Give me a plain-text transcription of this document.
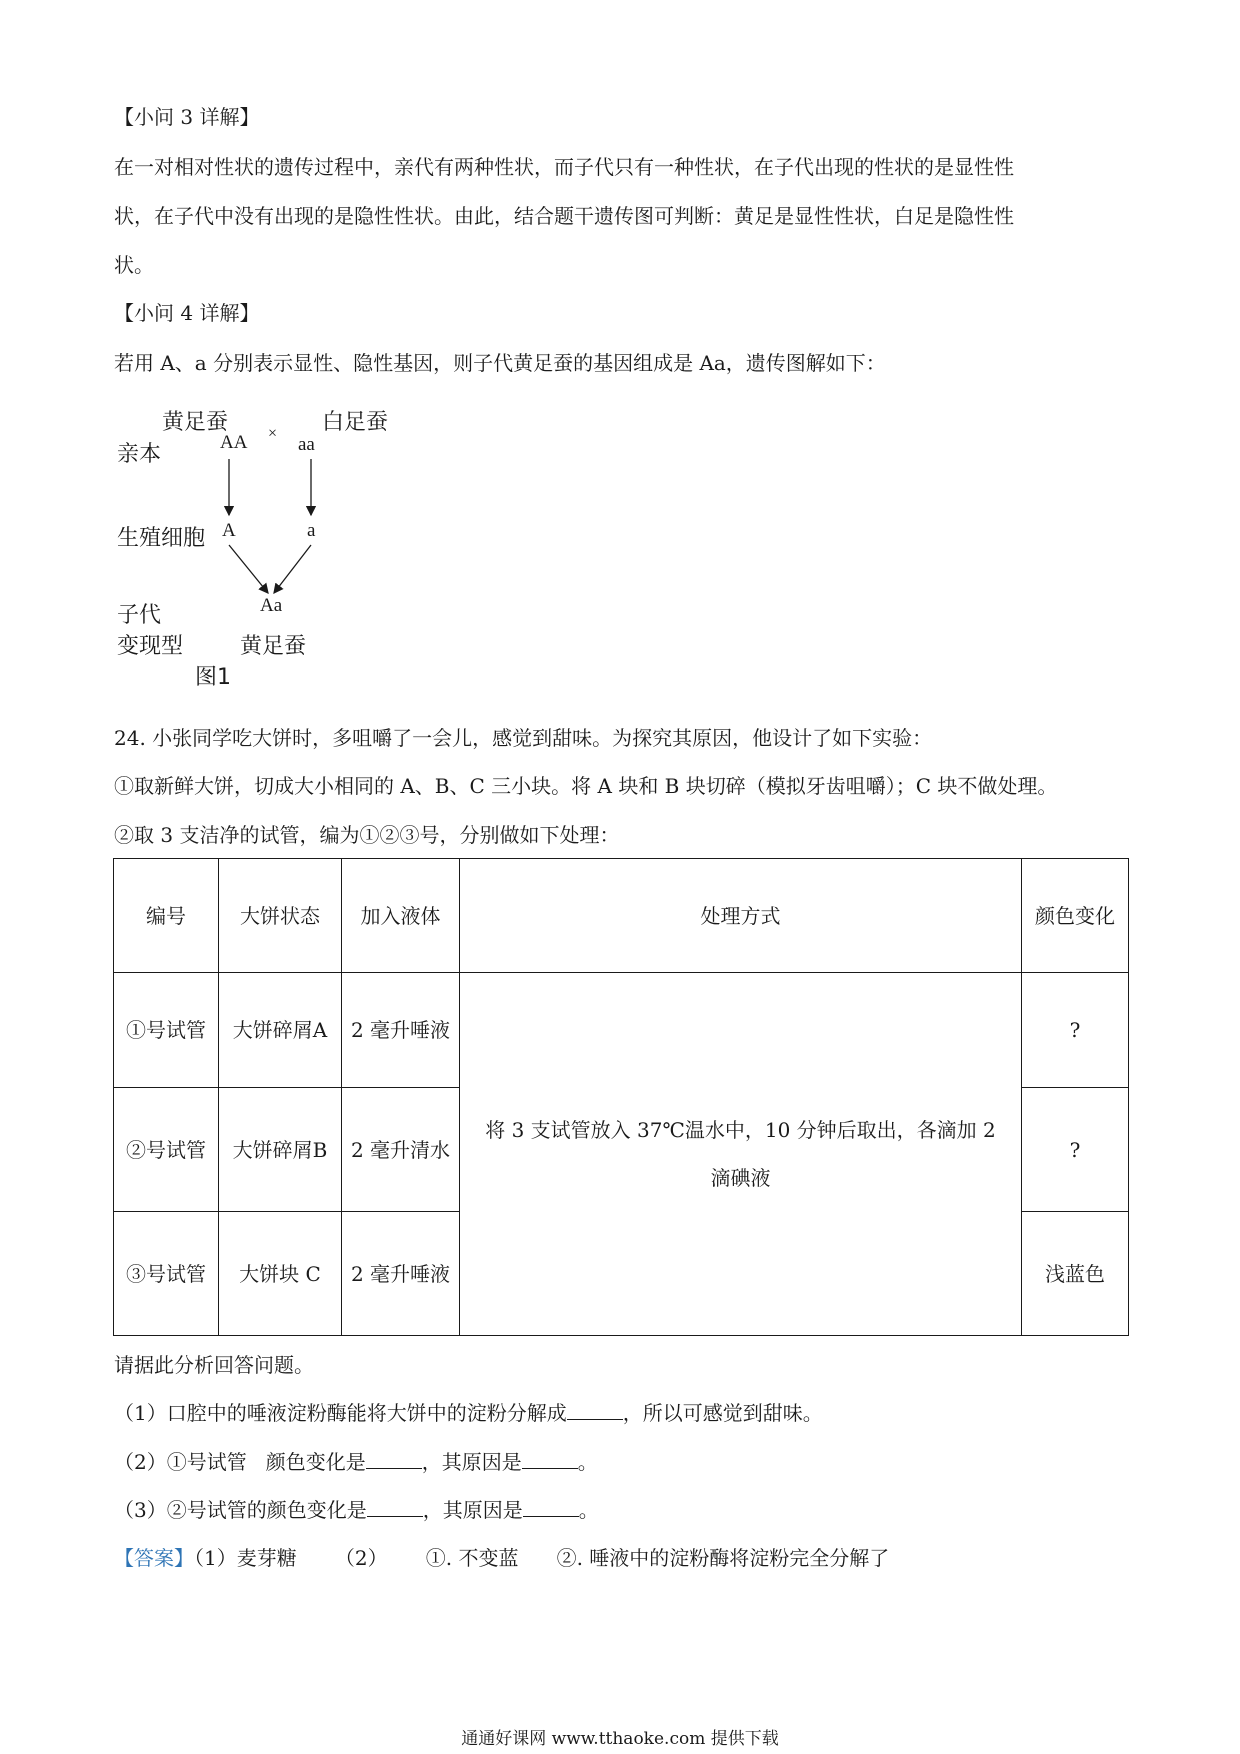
【小问 3 详解】
在一对相对性状的遗传过程中，亲代有两种性状，而子代只有一种性状，在子代出现的性状的是显性性
状，在子代中没有出现的是隐性性状。由此，结合题干遗传图可判断：黄足是显性性状，白足是隐性性
状。
【小问 4 详解】
若用 A、a 分别表示显性、隐性基因，则子代黄足蚕的基因组成是 Aa，遗传图解如下：
黄足蚕	白足蚕
亲本	AA ×
aa
生殖细胞 A	a
子代	Aa
变现型	黄足蚕
图1
24. 小张同学吃大饼时，多咀嚼了一会儿，感觉到甜味。为探究其原因，他设计了如下实验：
①取新鲜大饼，切成大小相同的 A、B、C 三小块。将 A 块和 B 块切碎（模拟牙齿咀嚼）；C 块不做处理。
②取 3 支洁净的试管，编为①②③号，分别做如下处理：
编号	大饼状态	加入液体	处理方式	颜色变化
①号试管	大饼碎屑A	2 毫升唾液	将 3 支试管放入 37℃温水中，10 分钟后取出，各滴加 2 滴碘液	?
②号试管	大饼碎屑B	2 毫升清水		?
③号试管	大饼块 C	2 毫升唾液		浅蓝色
请据此分析回答问题。
（1）口腔中的唾液淀粉酶能将大饼中的淀粉分解成	，所以可感觉到甜味。
（2）①号试管   颜色变化是	，其原因是	。
（3）②号试管的颜色变化是	，其原因是	。
【答案】（1）麦芽糖      （2）      ①. 不变蓝      ②. 唾液中的淀粉酶将淀粉完全分解了
通通好课网 www.tthaoke.com 提供下载
